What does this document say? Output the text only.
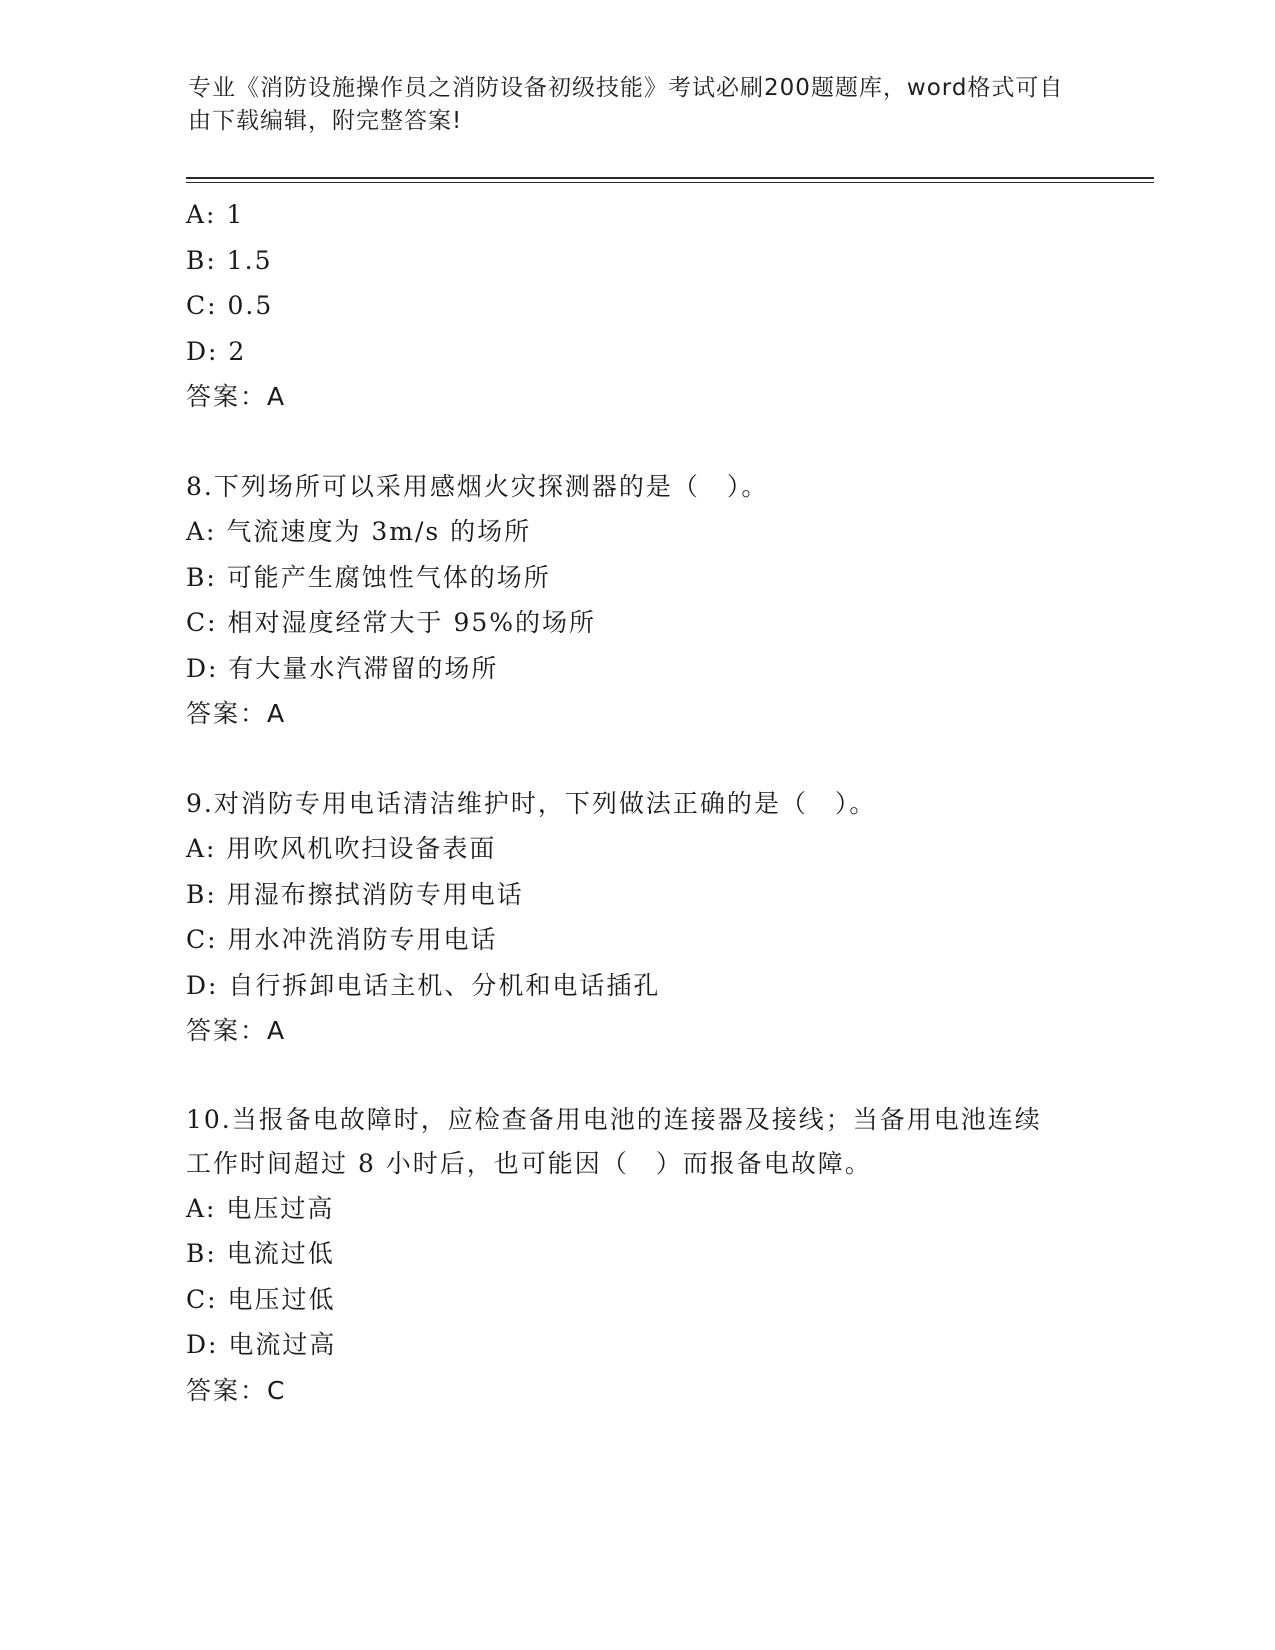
专业《消防设施操作员之消防设备初级技能》考试必刷200题题库，word格式可自由下载编辑，附完整答案!
A: 1
B: 1.5
C: 0.5
D: 2
答案：A
8.下列场所可以采用感烟火灾探测器的是（　）。
A: 气流速度为 3m/s 的场所
B: 可能产生腐蚀性气体的场所
C: 相对湿度经常大于 95%的场所
D: 有大量水汽滞留的场所
答案：A
9.对消防专用电话清洁维护时，下列做法正确的是（　）。
A: 用吹风机吹扫设备表面
B: 用湿布擦拭消防专用电话
C: 用水冲洗消防专用电话
D: 自行拆卸电话主机、分机和电话插孔
答案：A
10.当报备电故障时，应检查备用电池的连接器及接线；当备用电池连续工作时间超过 8 小时后，也可能因（　）而报备电故障。
A: 电压过高
B: 电流过低
C: 电压过低
D: 电流过高
答案：C
